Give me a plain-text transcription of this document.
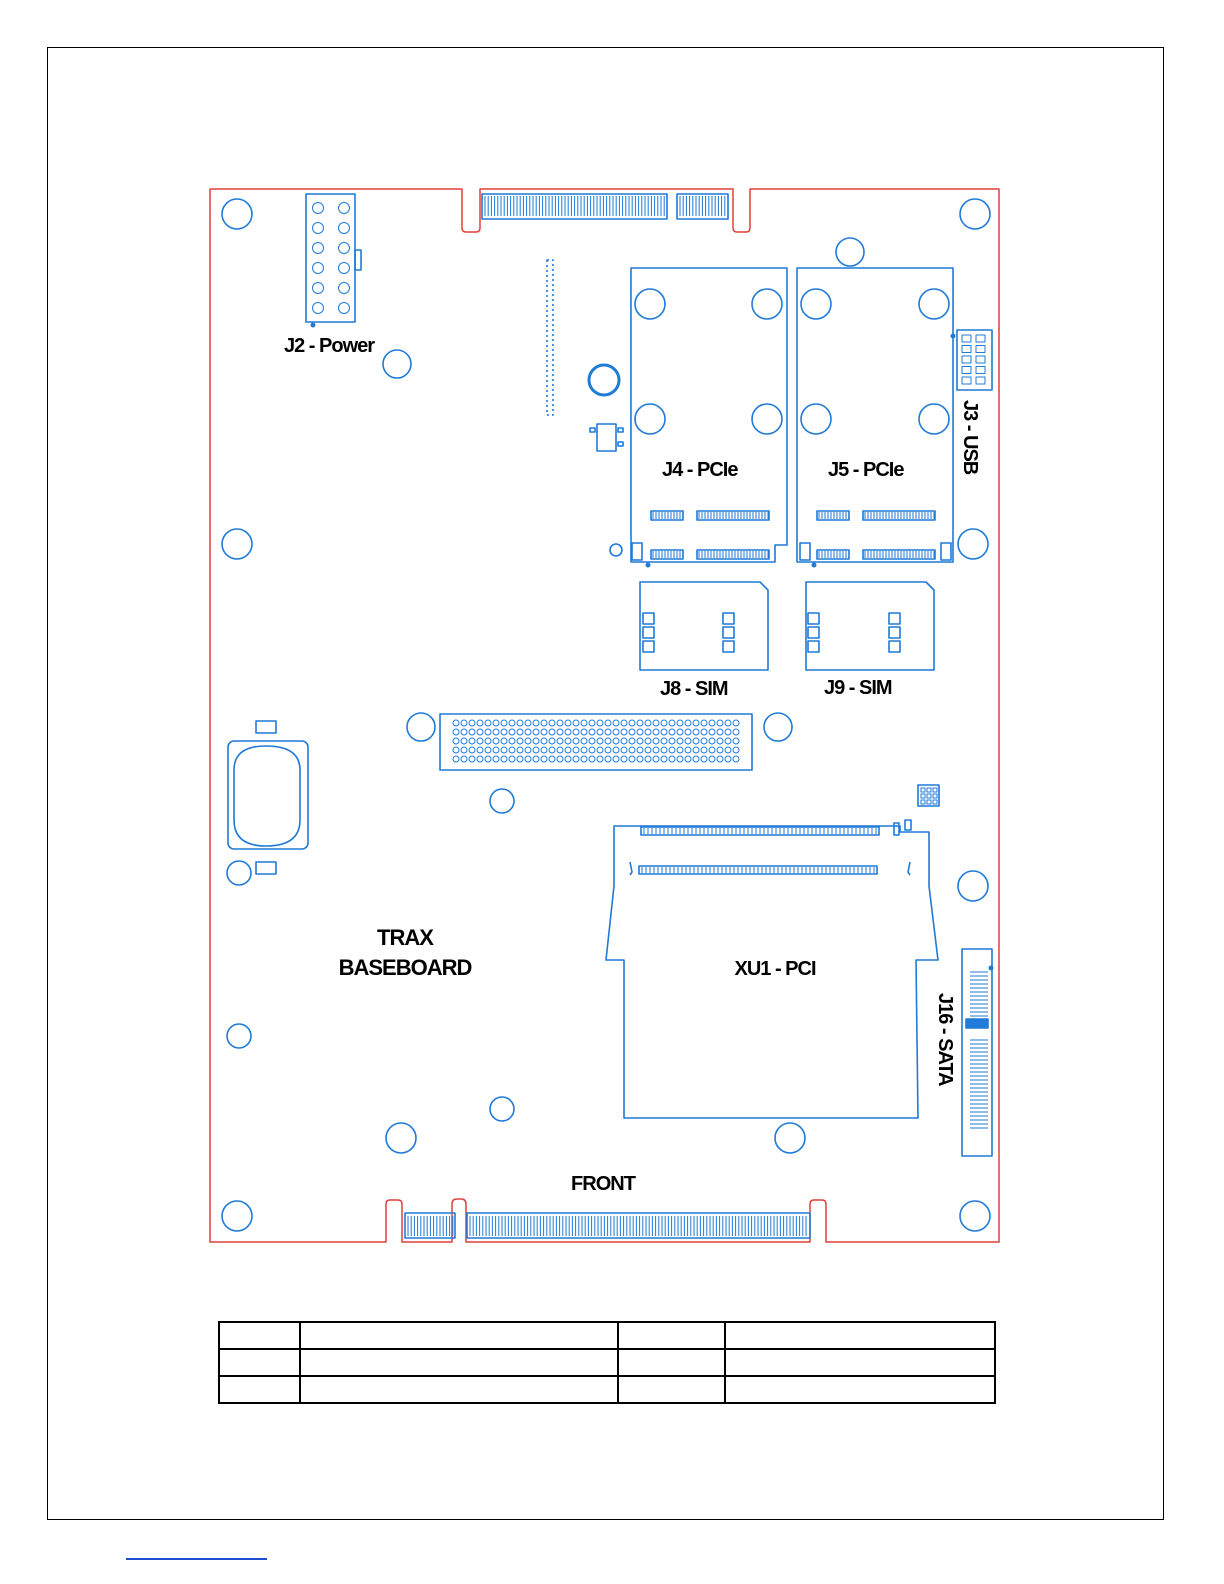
J2 - Power
J4 - PCIe	J5 - PCIe	J3 - USB
J8 - SIM	J9 - SIM
TRAX
BASEBOARD	XU1 - PCI
J16 - SATA
FRONT
